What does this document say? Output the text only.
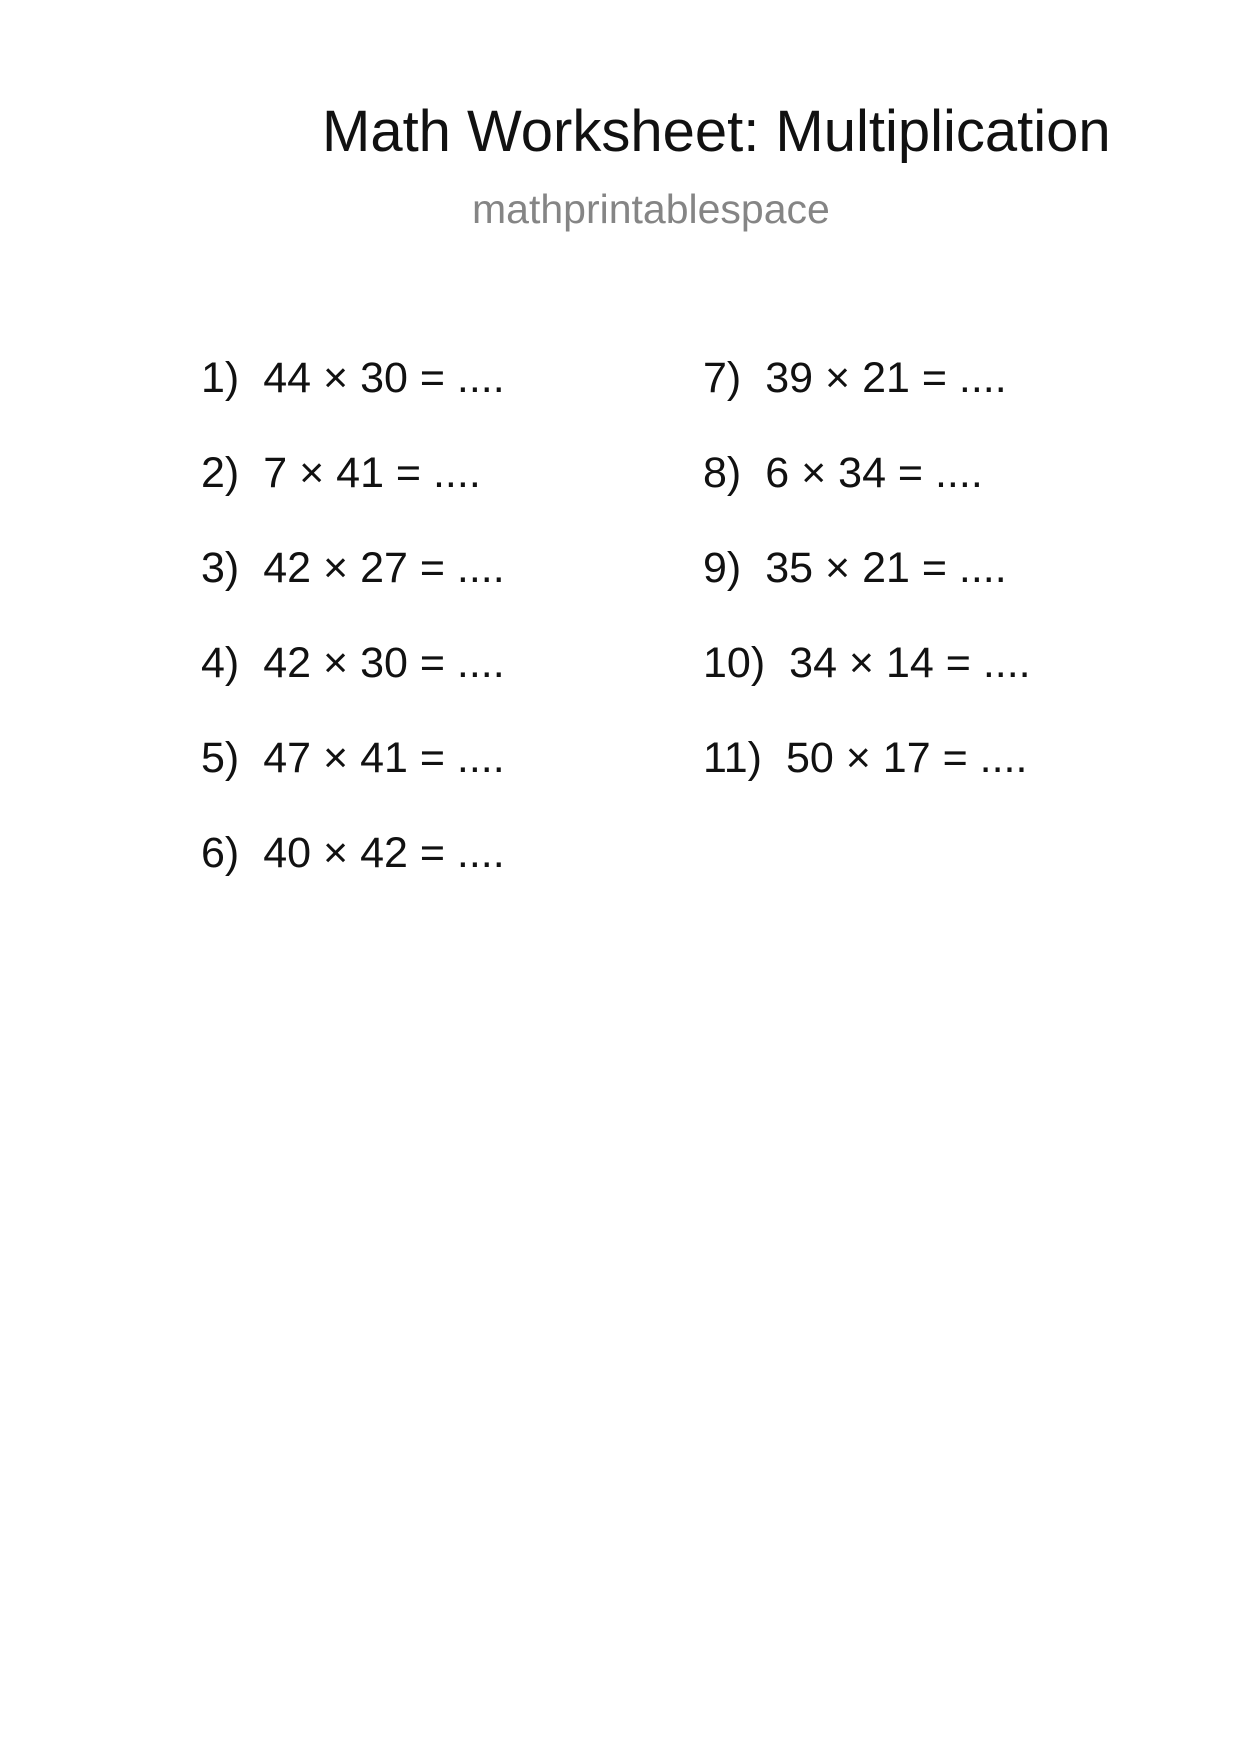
Math Worksheet: Multiplication
mathprintablespace
1) 44 × 30 = ....
2) 7 × 41 = ....
3) 42 × 27 = ....
4) 42 × 30 = ....
5) 47 × 41 = ....
6) 40 × 42 = ....
7) 39 × 21 = ....
8) 6 × 34 = ....
9) 35 × 21 = ....
10) 34 × 14 = ....
11) 50 × 17 = ....
